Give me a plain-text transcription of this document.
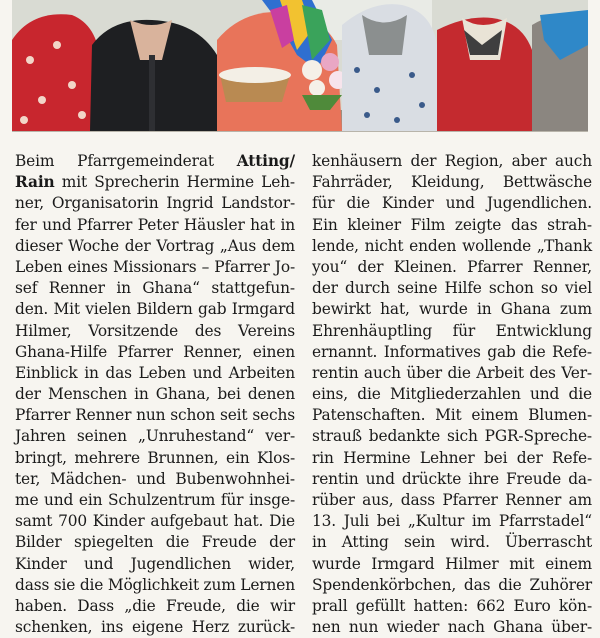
Beim Pfarrgemeinderat Atting/
Rain mit Sprecherin Hermine Leh-
ner, Organisatorin Ingrid Landstor-
fer und Pfarrer Peter Häusler hat in
dieser Woche der Vortrag „Aus dem
Leben eines Missionars – Pfarrer Jo-
sef Renner in Ghana“ stattgefun-
den. Mit vielen Bildern gab Irmgard
Hilmer, Vorsitzende des Vereins
Ghana-Hilfe Pfarrer Renner, einen
Einblick in das Leben und Arbeiten
der Menschen in Ghana, bei denen
Pfarrer Renner nun schon seit sechs
Jahren seinen „Unruhestand“ ver-
bringt, mehrere Brunnen, ein Klos-
ter, Mädchen- und Bubenwohnhei-
me und ein Schulzentrum für insge-
samt 700 Kinder aufgebaut hat. Die
Bilder spiegelten die Freude der
Kinder und Jugendlichen wider,
dass sie die Möglichkeit zum Lernen
haben. Dass „die Freude, die wir
schenken, ins eigene Herz zurück-
kenhäusern der Region, aber auch
Fahrräder, Kleidung, Bettwäsche
für die Kinder und Jugendlichen.
Ein kleiner Film zeigte das strah-
lende, nicht enden wollende „Thank
you“ der Kleinen. Pfarrer Renner,
der durch seine Hilfe schon so viel
bewirkt hat, wurde in Ghana zum
Ehrenhäuptling für Entwicklung
ernannt. Informatives gab die Refe-
rentin auch über die Arbeit des Ver-
eins, die Mitgliederzahlen und die
Patenschaften. Mit einem Blumen-
strauß bedankte sich PGR-Spreche-
rin Hermine Lehner bei der Refe-
rentin und drückte ihre Freude da-
rüber aus, dass Pfarrer Renner am
13. Juli bei „Kultur im Pfarrstadel“
in Atting sein wird. Überrascht
wurde Irmgard Hilmer mit einem
Spendenkörbchen, das die Zuhörer
prall gefüllt hatten: 662 Euro kön-
nen nun wieder nach Ghana über-
